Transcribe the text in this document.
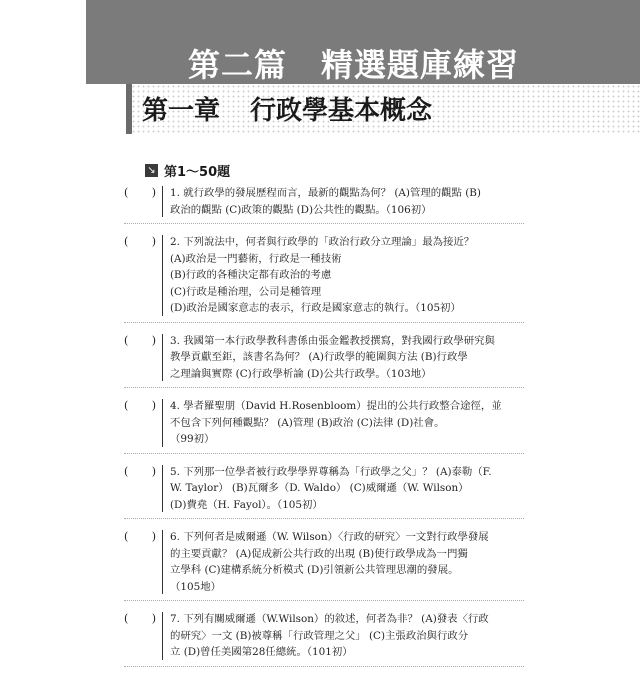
第二篇 精選題庫練習
第一章 行政學基本概念
↘ 第1～50題
( ) 1. 就行政學的發展歷程而言，最新的觀點為何？ (A)管理的觀點 (B)

政治的觀點 (C)政策的觀點 (D)公共性的觀點。（106初）

( ) 2. 下列說法中，何者與行政學的「政治行政分立理論」最為接近？

(A)政治是一門藝術，行政是一種技術

(B)行政的各種決定都有政治的考慮

(C)行政是種治理，公司是種管理

(D)政治是國家意志的表示，行政是國家意志的執行。（105初）

( ) 3. 我國第一本行政學教科書係由張金鑑教授撰寫，對我國行政學研究與

教學貢獻至鉅，該書名為何？ (A)行政學的範圍與方法 (B)行政學

之理論與實際 (C)行政學析論 (D)公共行政學。（103地）

( ) 4. 學者羅聖朋（David H.Rosenbloom）提出的公共行政整合途徑，並

不包含下列何種觀點？ (A)管理 (B)政治 (C)法律 (D)社會。

（99初）

( ) 5. 下列那一位學者被行政學學界尊稱為「行政學之父」？ (A)泰勒（F.

W. Taylor） (B)瓦爾多（D. Waldo） (C)威爾遜（W. Wilson）

(D)費堯（H. Fayol）。（105初）

( ) 6. 下列何者是威爾遜（W. Wilson）〈行政的研究〉一文對行政學發展

的主要貢獻？ (A)促成新公共行政的出現 (B)使行政學成為一門獨

立學科 (C)建構系統分析模式 (D)引領新公共管理思潮的發展。

（105地）

( ) 7. 下列有關威爾遜（W.Wilson）的敘述，何者為非？ (A)發表〈行政

的研究〉一文 (B)被尊稱「行政管理之父」 (C)主張政治與行政分

立 (D)曾任美國第28任總統。（101初）
